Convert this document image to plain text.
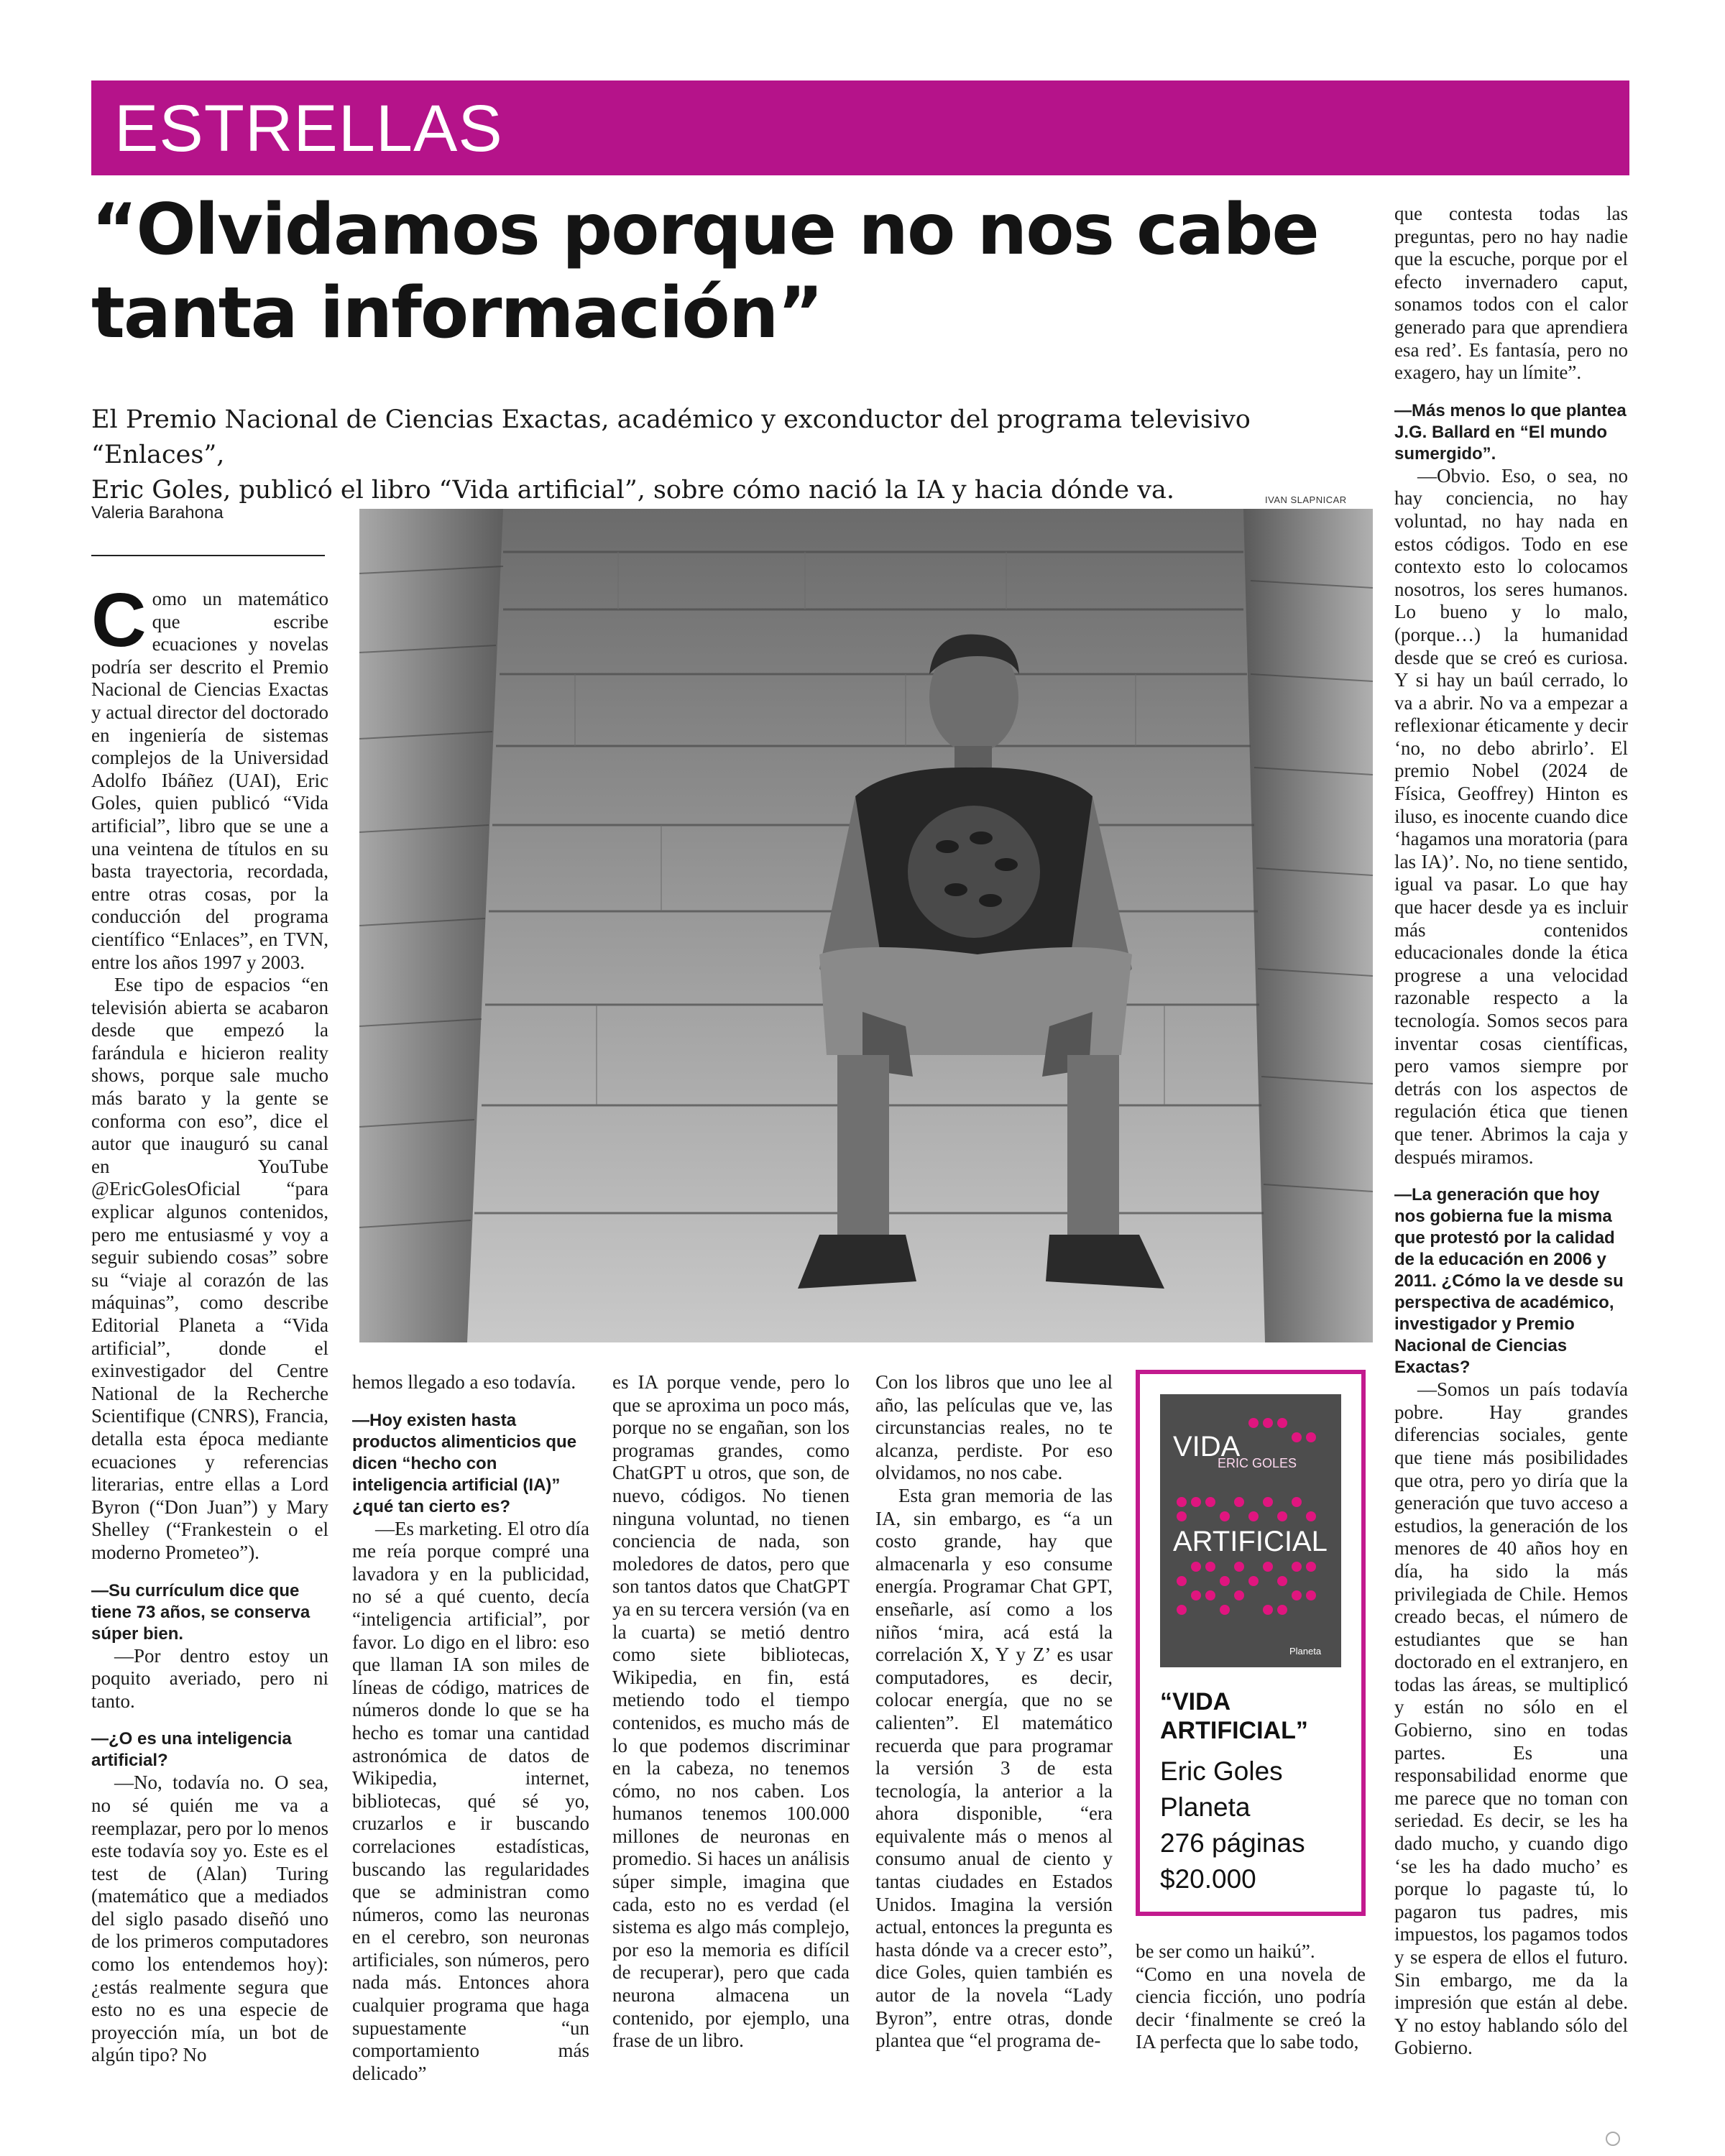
ESTRELLAS
“Olvidamos porque no nos cabe
tanta información”

El Premio Nacional de Ciencias Exactas, académico y exconductor del programa televisivo “Enlaces”,

Eric Goles, publicó el libro “Vida artificial”, sobre cómo nació la IA y hacia dónde va.

Valeria Barahona
IVAN SLAPNICAR

Como un matemático que escribe ecuaciones y novelas podría ser descrito el Premio Nacional de Ciencias Exactas y actual director del doctorado en ingeniería de sistemas complejos de la Universidad Adolfo Ibáñez (UAI), Eric Goles, quien publicó “Vida artificial”, libro que se une a una veintena de títulos en su basta trayectoria, recordada, entre otras cosas, por la conducción del programa científico “Enlaces”, en TVN, entre los años 1997 y 2003.

Ese tipo de espacios “en televisión abierta se acabaron desde que empezó la farándula e hicieron reality shows, porque sale mucho más barato y la gente se conforma con eso”, dice el autor que inauguró su canal en YouTube @EricGolesOficial “para explicar algunos contenidos, pero me entusiasmé y voy a seguir subiendo cosas” sobre su “viaje al corazón de las máquinas”, como describe Editorial Planeta a “Vida artificial”, donde el exinvestigador del Centre National de la Recherche Scientifique (CNRS), Francia, detalla esta época mediante ecuaciones y referencias literarias, entre ellas a Lord Byron (“Don Juan”) y Mary Shelley (“Frankestein o el moderno Prometeo”).

—Su currículum dice que tiene 73 años, se conserva súper bien.

—Por dentro estoy un poquito averiado, pero ni tanto.

—¿O es una inteligencia artificial?

—No, todavía no. O sea, no sé quién me va a reemplazar, pero por lo menos este todavía soy yo. Este es el test de (Alan) Turing (matemático que a mediados del siglo pasado diseñó uno de los primeros computadores como los entendemos hoy): ¿estás realmente segura que esto no es una especie de proyección mía, un bot de algún tipo? No

hemos llegado a eso todavía.

—Hoy existen hasta productos alimenticios que dicen “hecho con inteligencia artificial (IA)” ¿qué tan cierto es?

—Es marketing. El otro día me reía porque compré una lavadora y en la publicidad, no sé a qué cuento, decía “inteligencia artificial”, por favor. Lo digo en el libro: eso que llaman IA son miles de líneas de código, matrices de números donde lo que se ha hecho es tomar una cantidad astronómica de datos de Wikipedia, internet, bibliotecas, qué sé yo, cruzarlos e ir buscando correlaciones estadísticas, buscando las regularidades que se administran como números, como las neuronas en el cerebro, son neuronas artificiales, son números, pero nada más. Entonces ahora cualquier programa que haga supuestamente “un comportamiento más delicado”

es IA porque vende, pero lo que se aproxima un poco más, porque no se engañan, son los programas grandes, como ChatGPT u otros, que son, de nuevo, códigos. No tienen ninguna voluntad, no tienen conciencia de nada, son moledores de datos, pero que son tantos datos que ChatGPT ya en su tercera versión (va en la cuarta) se metió dentro como siete bibliotecas, Wikipedia, en fin, está metiendo todo el tiempo contenidos, es mucho más de lo que podemos discriminar en la cabeza, no tenemos cómo, no nos caben. Los humanos tenemos 100.000 millones de neuronas en promedio. Si haces un análisis súper simple, imagina que cada, esto no es verdad (el sistema es algo más complejo, por eso la memoria es difícil de recuperar), pero que cada neurona almacena un contenido, por ejemplo, una frase de un libro.

Con los libros que uno lee al año, las películas que ve, las circunstancias reales, no te alcanza, perdiste. Por eso olvidamos, no nos cabe.

Esta gran memoria de las IA, sin embargo, es “a un costo grande, hay que almacenarla y eso consume energía. Programar Chat GPT, enseñarle, así como a los niños ‘mira, acá está la correlación X, Y y Z’ es usar computadores, es decir, colocar energía, que no se calienten”. El matemático recuerda que para programar la versión 3 de esta tecnología, la anterior a la ahora disponible, “era equivalente más o menos al consumo anual de ciento y tantas ciudades en Estados Unidos. Imagina la versión actual, entonces la pregunta es hasta dónde va a crecer esto”, dice Goles, quien también es autor de la novela “Lady Byron”, entre otras, donde plantea que “el programa de-

be ser como un haikú”.

“Como en una novela de ciencia ficción, uno podría decir ‘finalmente se creó la IA perfecta que lo sabe todo,

que contesta todas las preguntas, pero no hay nadie que la escuche, porque por el efecto invernadero caput, sonamos todos con el calor generado para que aprendiera esa red’. Es fantasía, pero no exagero, hay un límite”.

—Más menos lo que plantea J.G. Ballard en “El mundo sumergido”.

—Obvio. Eso, o sea, no hay conciencia, no hay voluntad, no hay nada en estos códigos. Todo en ese contexto esto lo colocamos nosotros, los seres humanos. Lo bueno y lo malo, (porque…) la humanidad desde que se creó es curiosa. Y si hay un baúl cerrado, lo va a abrir. No va a empezar a reflexionar éticamente y decir ‘no, no debo abrirlo’. El premio Nobel (2024 de Física, Geoffrey) Hinton es iluso, es inocente cuando dice ‘hagamos una moratoria (para las IA)’. No, no tiene sentido, igual va pasar. Lo que hay que hacer desde ya es incluir más contenidos educacionales donde la ética progrese a una velocidad razonable respecto a la tecnología. Somos secos para inventar cosas científicas, pero vamos siempre por detrás con los aspectos de regulación ética que tienen que tener. Abrimos la caja y después miramos.

—La generación que hoy nos gobierna fue la misma que protestó por la calidad de la educación en 2006 y 2011. ¿Cómo la ve desde su perspectiva de académico, investigador y Premio Nacional de Ciencias Exactas?

—Somos un país todavía pobre. Hay grandes diferencias sociales, gente que tiene más posibilidades que otra, pero yo diría que la generación que tuvo acceso a estudios, la generación de los menores de 40 años hoy en día, ha sido la más privilegiada de Chile. Hemos creado becas, el número de estudiantes que se han doctorado en el extranjero, en todas las áreas, se multiplicó y están no sólo en el Gobierno, sino en todas partes. Es una responsabilidad enorme que me parece que no toman con seriedad. Es decir, se les ha dado mucho, y cuando digo ‘se les ha dado mucho’ es porque lo pagaste tú, lo pagaron tus padres, mis impuestos, los pagamos todos y se espera de ellos el futuro. Sin embargo, me da la impresión que están al debe. Y no estoy hablando sólo del Gobierno.

VIDA
ERIC GOLES
ARTIFICIAL
Planeta
“VIDA ARTIFICIAL”
Eric Goles
Planeta
276 páginas
$20.000
